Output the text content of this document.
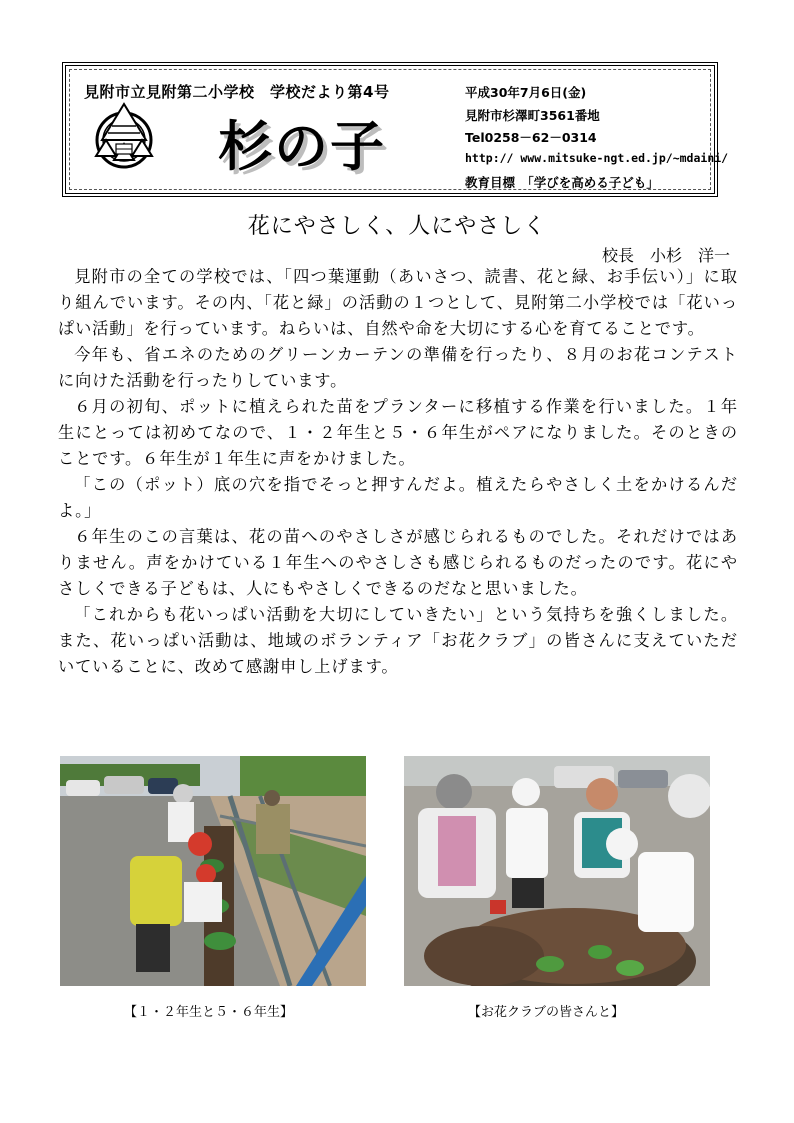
見附市立見附第二小学校　学校だより第4号
杉の子
平成30年7月6日(金)
見附市杉澤町3561番地
Tel0258－62－0314
http:// www.mitsuke-ngt.ed.jp/~mdaini/
教育目標　「学びを高める子ども」
花にやさしく、人にやさしく
校長　小杉　洋一

見附市の全ての学校では、「四つ葉運動（あいさつ、読書、花と緑、お手伝い）」に取り組んでいます。その内、「花と緑」の活動の１つとして、見附第二小学校では「花いっぱい活動」を行っています。ねらいは、自然や命を大切にする心を育てることです。

今年も、省エネのためのグリーンカーテンの準備を行ったり、８月のお花コンテストに向けた活動を行ったりしています。

６月の初旬、ポットに植えられた苗をプランターに移植する作業を行いました。１年生にとっては初めてなので、１・２年生と５・６年生がペアになりました。そのときのことです。６年生が１年生に声をかけました。

「この（ポット）底の穴を指でそっと押すんだよ。植えたらやさしく土をかけるんだよ。」

６年生のこの言葉は、花の苗へのやさしさが感じられるものでした。それだけではありません。声をかけている１年生へのやさしさも感じられるものだったのです。花にやさしくできる子どもは、人にもやさしくできるのだなと思いました。

「これからも花いっぱい活動を大切にしていきたい」という気持ちを強くしました。また、花いっぱい活動は、地域のボランティア「お花クラブ」の皆さんに支えていただいていることに、改めて感謝申し上げます。

【１・２年生と５・６年生】	【お花クラブの皆さんと】
